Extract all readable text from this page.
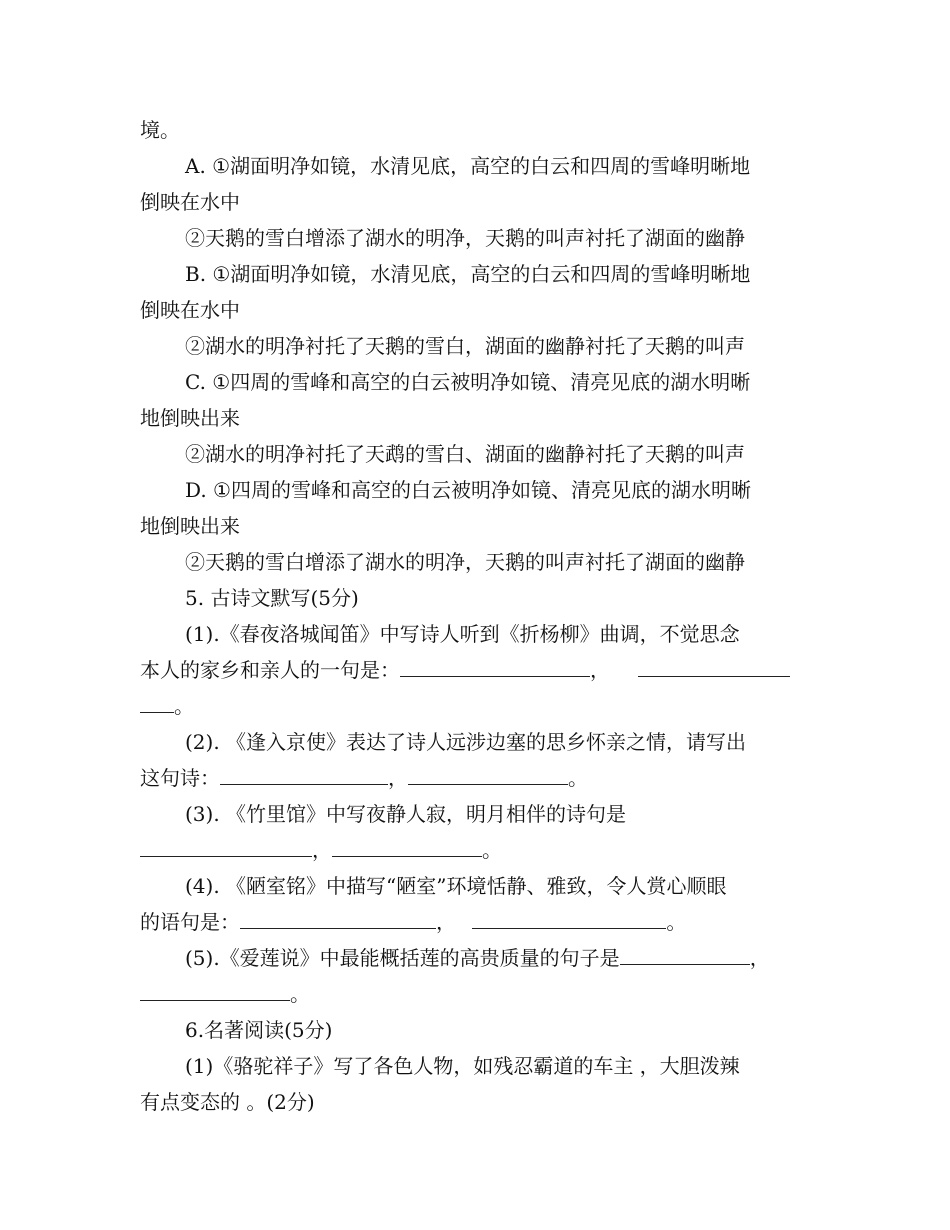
境。
A. ①湖面明净如镜，水清见底，高空的白云和四周的雪峰明晰地
倒映在水中
②天鹅的雪白增添了湖水的明净，天鹅的叫声衬托了湖面的幽静
B. ①湖面明净如镜，水清见底，高空的白云和四周的雪峰明晰地
倒映在水中
②湖水的明净衬托了天鹅的雪白，湖面的幽静衬托了天鹅的叫声
C. ①四周的雪峰和高空的白云被明净如镜、清亮见底的湖水明晰
地倒映出来
②湖水的明净衬托了天鹉的雪白、湖面的幽静衬托了天鹅的叫声
D. ①四周的雪峰和高空的白云被明净如镜、清亮见底的湖水明晰
地倒映出来
②天鹅的雪白增添了湖水的明净，天鹅的叫声衬托了湖面的幽静
5. 古诗文默写(5分)
(1).《春夜洛城闻笛》中写诗人听到《折杨柳》曲调，不觉思念
本人的家乡和亲人的一句是：	，
。
(2). 《逢入京使》表达了诗人远涉边塞的思乡怀亲之情，请写出
这句诗：	，	。
(3). 《竹里馆》中写夜静人寂，明月相伴的诗句是
，	。
(4). 《陋室铭》中描写“陋室”环境恬静、雅致，令人赏心顺眼
的语句是：	，	。
(5).《爱莲说》中最能概括莲的高贵质量的句子是	，
。
6.名著阅读(5分)
(1)《骆驼祥子》写了各色人物，如残忍霸道的车主 ，大胆泼辣
有点变态的 。(2分)
